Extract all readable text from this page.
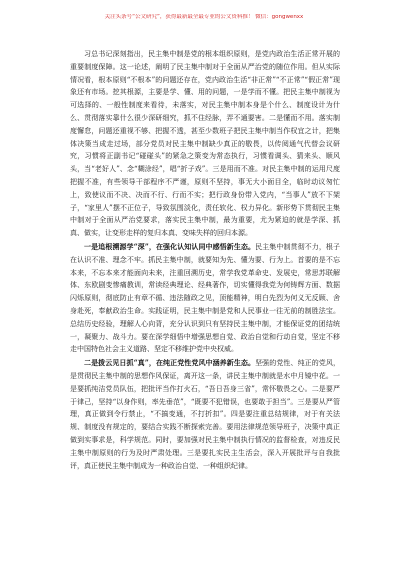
关注头条号“公文研究”，获得最新最全最专业的公文资料推！ 微信：gongwenxx

习总书记深刻指出，民主集中制是党的根本组织原则，是党内政治生活正常开展的重要制度保障。这一论述，阐明了民主集中制对于全面从严治党的随位作用。但从实际情况看，根本原则“不根本”的问题还存在，党内政治生活“非正常”“不正常”“假正常”现象还有市场。挖其根源，主要是学、懂、用的问题，一是学而不懂。把民主集中制视为可选择的、一般性制度来看待，未落实，对民主集中制本身是个什么、制度设计为什么、贯彻落实靠什么很少深研细究，抓不住经脉，弄不通要害。二是懂而不用。落实制度懈怠，问题还重视不够、把握不透，甚至少数班子把民主集中制当作权宜之计，把集体决策当成走过场，部分党员对民主集中制缺少真正的敬畏，以传阅通气代替会议研究，习惯将正副书记“碰碰头”的紧急之策变为常态执行，习惯看调头、猜来头、顺风头，当“老好人”、念“糊涂经”，唱“折子戏”。三是用而不准。对民主集中制的运用尺度把握不准，有些领导干部程序不严谨，原则不坚持，事无大小面目全，临时动议匆忙上，致使议而不决、决而不行、行而不实；把行政身份带入党内，“当事人”放不下架子，“家里人”摆不正位子，导致氛围淡化，责任软化、权力异化。新形势下贯彻民主集中制对于全面从严治党要求，落实民主集中制，最为重要，尤为紧迫的就是学深、抓真、做实，让变形走样的复归本真、变味失样的回归本源。

一是追根溯源学“深”，在强化认知认同中感悟新生态。民主集中制贯彻不力，根子在认识不准、理念不牢。抓民主集中制，就要知为先、懂为要、行为上。首要的是不忘本来，不忘本来才能面向未来，注重回溯历史，常学我党革命史、发展史，常思苏联解体、东欧剧变惨痛教训，常读经典理论、经典著作，切实懂得我党为何铸辉方面、数据闪烁原则，彻底防止有章不循、违法随政之见，顶能精神，明白先烈为何义无反顾、舍身赴死，奉献政治生命。实践证明，民主集中制是党和人民事业一往无前的制胜法宝。总结历史经验，理解人心向背，充分认识到只有坚持民主集中制，才能保证党的团结统一，凝聚力、战斗力。要在深学细悟中增强思想自觉、政治自觉和行动自觉，坚定不移走中国特色社会主义道路、坚定不移维护党中央权威。

二是拨云见日抓“真”，在纯正党性党风中涵养新生态。坚强的党性、纯正的党风，是贯彻民主集中制的思想作风保证，离开这一条，讲民主集中制就是水中月镜中花。一是要抓纯洁党员队伍，把批评当作打火石，“吾日吾身三省”，常怀敬畏之心。二是要严于律己，坚持“以身作则，率先垂范”，“既要不犯错误，也要敢于担当”。三是要从严管理，真正做到令行禁止，“不搞变通，不打折扣”。四是要注重总结规律，对于有关法规、制度没有规定的，要结合实践不断探索完善。要用法律规范领导班子，决策中真正做到实事求是，科学规范。同时，要加强对民主集中制执行情况的监督检查，对违反民主集中制原则的行为及时严肃处理。三是要扎实民主生活会，深入开展批评与自我批评，真正使民主集中制成为一种政治自觉、一种组织纪律。
